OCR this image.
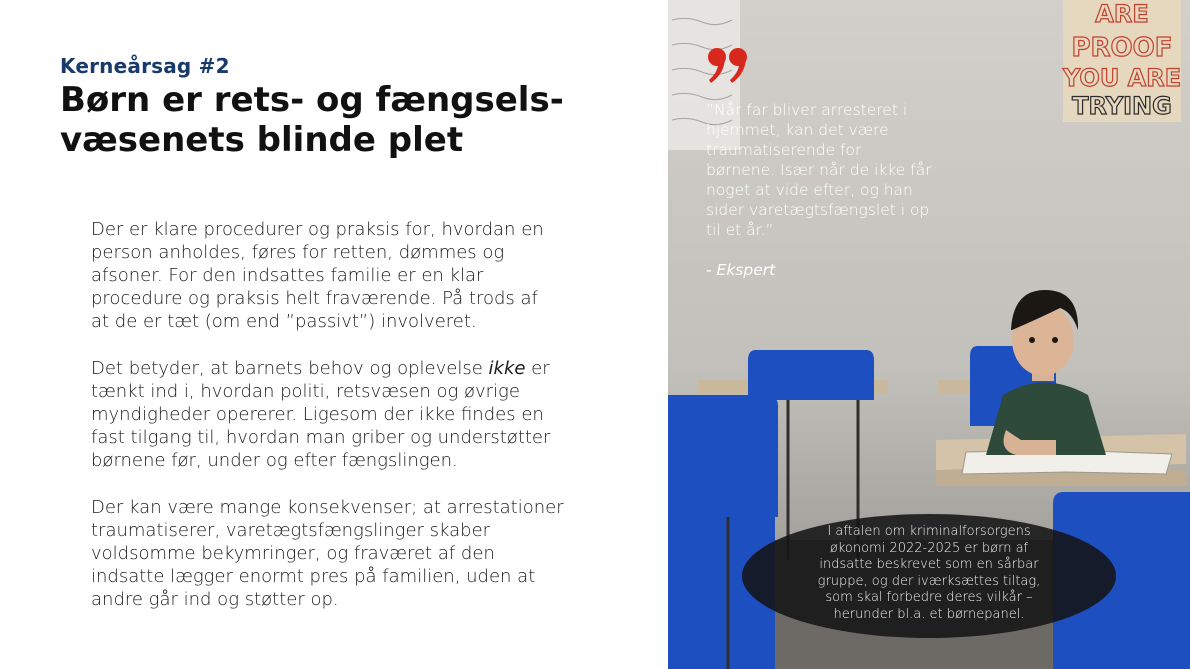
Kerneårsag #2
Børn er rets- og fængsels-
væsenets blinde plet

Der er klare procedurer og praksis for, hvordan en
person anholdes, føres for retten, dømmes og
afsoner. For den indsattes familie er en klar
procedure og praksis helt fraværende. På trods af
at de er tæt (om end ”passivt”) involveret.

Det betyder, at barnets behov og oplevelse ikke er
tænkt ind i, hvordan politi, retsvæsen og øvrige
myndigheder opererer. Ligesom der ikke findes en
fast tilgang til, hvordan man griber og understøtter
børnene før, under og efter fængslingen.

Der kan være mange konsekvenser; at arrestationer
traumatiserer, varetægtsfængslinger skaber
voldsomme bekymringer, og fraværet af den
indsatte lægger enormt pres på familien, uden at
andre går ind og støtter op.

ARE
PROOF
YOU ARE
TRYING
”Når far bliver arresteret i
hjemmet, kan det være
traumatiserende for
børnene. Især når de ikke får
noget at vide efter, og han
sider varetægtsfængslet i op
til et år.”
- Ekspert
I aftalen om kriminalforsorgens
økonomi 2022-2025 er børn af
indsatte beskrevet som en sårbar
gruppe, og der iværksættes tiltag,
som skal forbedre deres vilkår –
herunder bl.a. et børnepanel.
